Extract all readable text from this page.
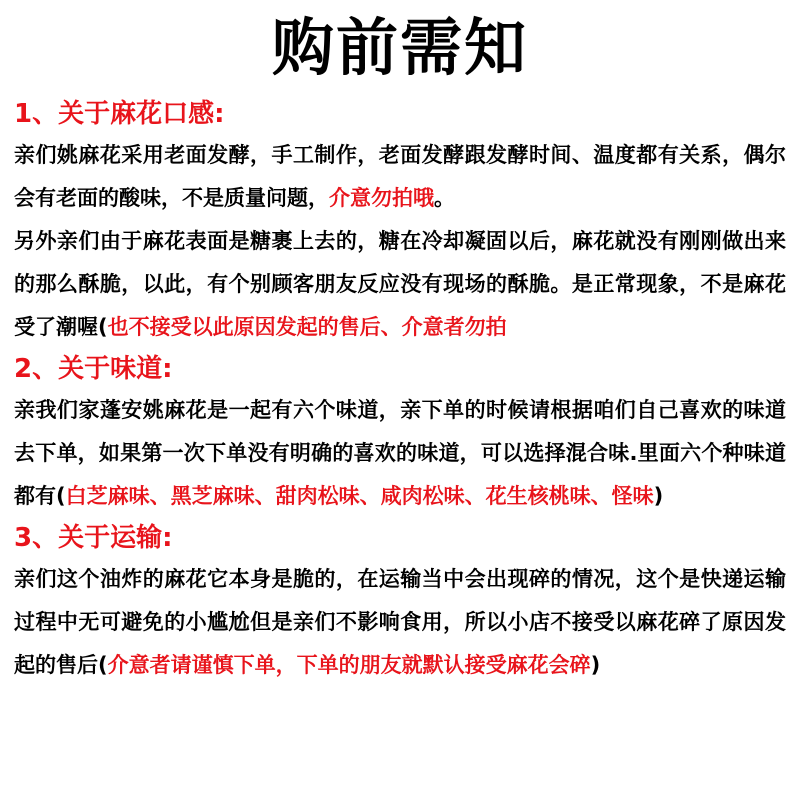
购前需知
1、关于麻花口感:

亲们姚麻花采用老面发酵，手工制作，老面发酵跟发酵时间、温度都有关系，偶尔会有老面的酸味，不是质量问题，介意勿拍哦。

另外亲们由于麻花表面是糖裹上去的，糖在冷却凝固以后，麻花就没有刚刚做出来的那么酥脆，以此，有个别顾客朋友反应没有现场的酥脆。是正常现象，不是麻花受了潮喔(也不接受以此原因发起的售后、介意者勿拍

2、关于味道:

亲我们家蓬安姚麻花是一起有六个味道，亲下单的时候请根据咱们自己喜欢的味道去下单，如果第一次下单没有明确的喜欢的味道，可以选择混合味.里面六个种味道都有(白芝麻味、黑芝麻味、甜肉松味、咸肉松味、花生核桃味、怪味)

3、关于运输:

亲们这个油炸的麻花它本身是脆的，在运输当中会出现碎的情况，这个是快递运输过程中无可避免的小尴尬但是亲们不影响食用，所以小店不接受以麻花碎了原因发起的售后(介意者请谨慎下单，下单的朋友就默认接受麻花会碎)
